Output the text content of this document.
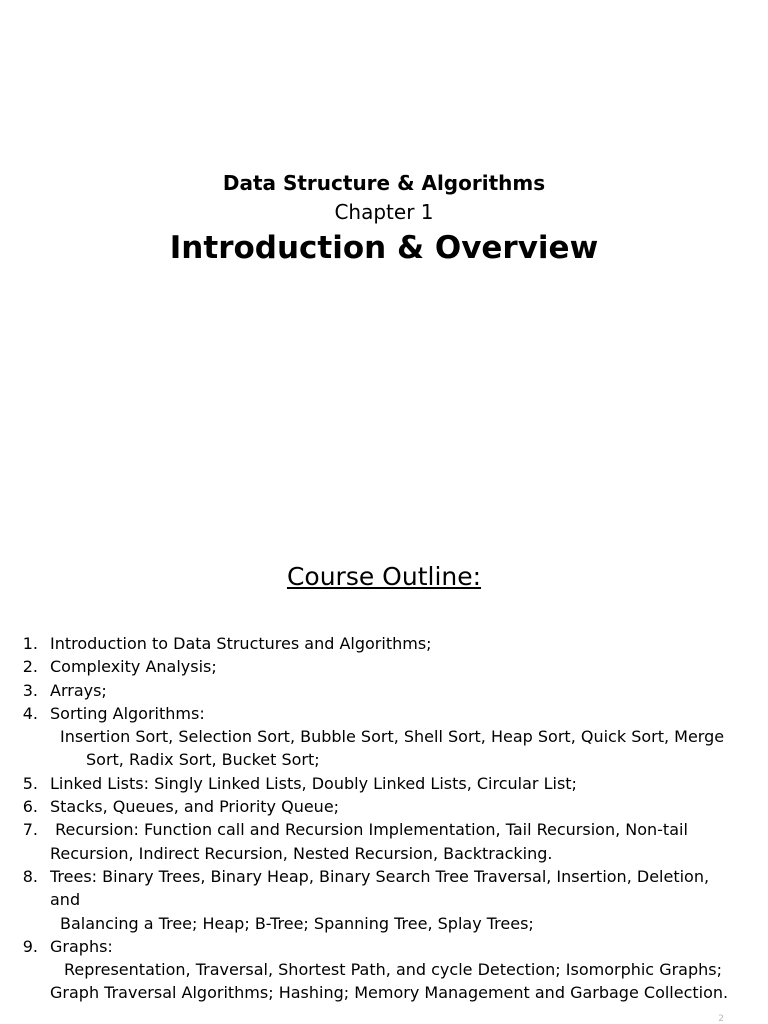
Data Structure & Algorithms
Chapter 1
Introduction & Overview
Course Outline:
1. Introduction to Data Structures and Algorithms;
2. Complexity Analysis;
3. Arrays;
4. Sorting Algorithms:
Insertion Sort, Selection Sort, Bubble Sort, Shell Sort, Heap Sort, Quick Sort, Merge
Sort, Radix Sort, Bucket Sort;
5. Linked Lists: Singly Linked Lists, Doubly Linked Lists, Circular List;
6. Stacks, Queues, and Priority Queue;
7. Recursion: Function call and Recursion Implementation, Tail Recursion, Non-tail
Recursion, Indirect Recursion, Nested Recursion, Backtracking.
8. Trees: Binary Trees, Binary Heap, Binary Search Tree Traversal, Insertion, Deletion, and
Balancing a Tree; Heap; B-Tree; Spanning Tree, Splay Trees;
9. Graphs:
Representation, Traversal, Shortest Path, and cycle Detection; Isomorphic Graphs;
Graph Traversal Algorithms; Hashing; Memory Management and Garbage Collection.
2
